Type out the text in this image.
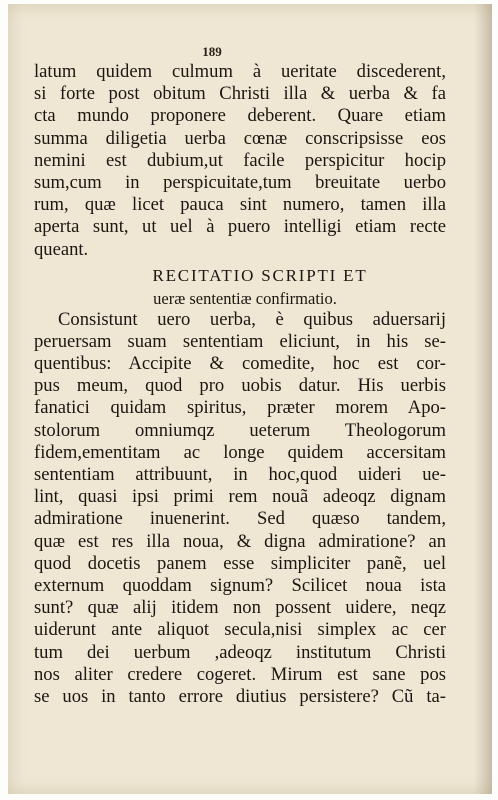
189
latum quidem culmum à ueritate discederent,
si forte post obitum Christi illa & uerba & fa
cta mundo proponere deberent. Quare etiam
summa diligetia uerba cœnæ conscripsisse eos
nemini est dubium,ut facile perspicitur hocip
sum,cum in perspicuitate,tum breuitate uerbo
rum, quæ licet pauca sint numero, tamen illa
aperta sunt, ut uel à puero intelligi etiam recte
queant.
RECITATIO SCRIPTI ET
ueræ sententiæ confirmatio.
Consistunt uero uerba, è quibus aduersarij
peruersam suam sententiam eliciunt, in his se-
quentibus: Accipite & comedite, hoc est cor-
pus meum, quod pro uobis datur. His uerbis
fanatici quidam spiritus, præter morem Apo-
stolorum omniumqz ueterum Theologorum
fidem,ementitam ac longe quidem accersitam
sententiam attribuunt, in hoc,quod uideri ue-
lint, quasi ipsi primi rem nouã adeoqz dignam
admiratione inuenerint. Sed quæso tandem,
quæ est res illa noua, & digna admiratione? an
quod docetis panem esse simpliciter panẽ, uel
externum quoddam signum? Scilicet noua ista
sunt? quæ alij itidem non possent uidere, neqz
uiderunt ante aliquot secula,nisi simplex ac cer
tum dei uerbum ,adeoqz institutum Christi
nos aliter credere cogeret. Mirum est sane pos
se uos in tanto errore diutius persistere? Cũ ta-
